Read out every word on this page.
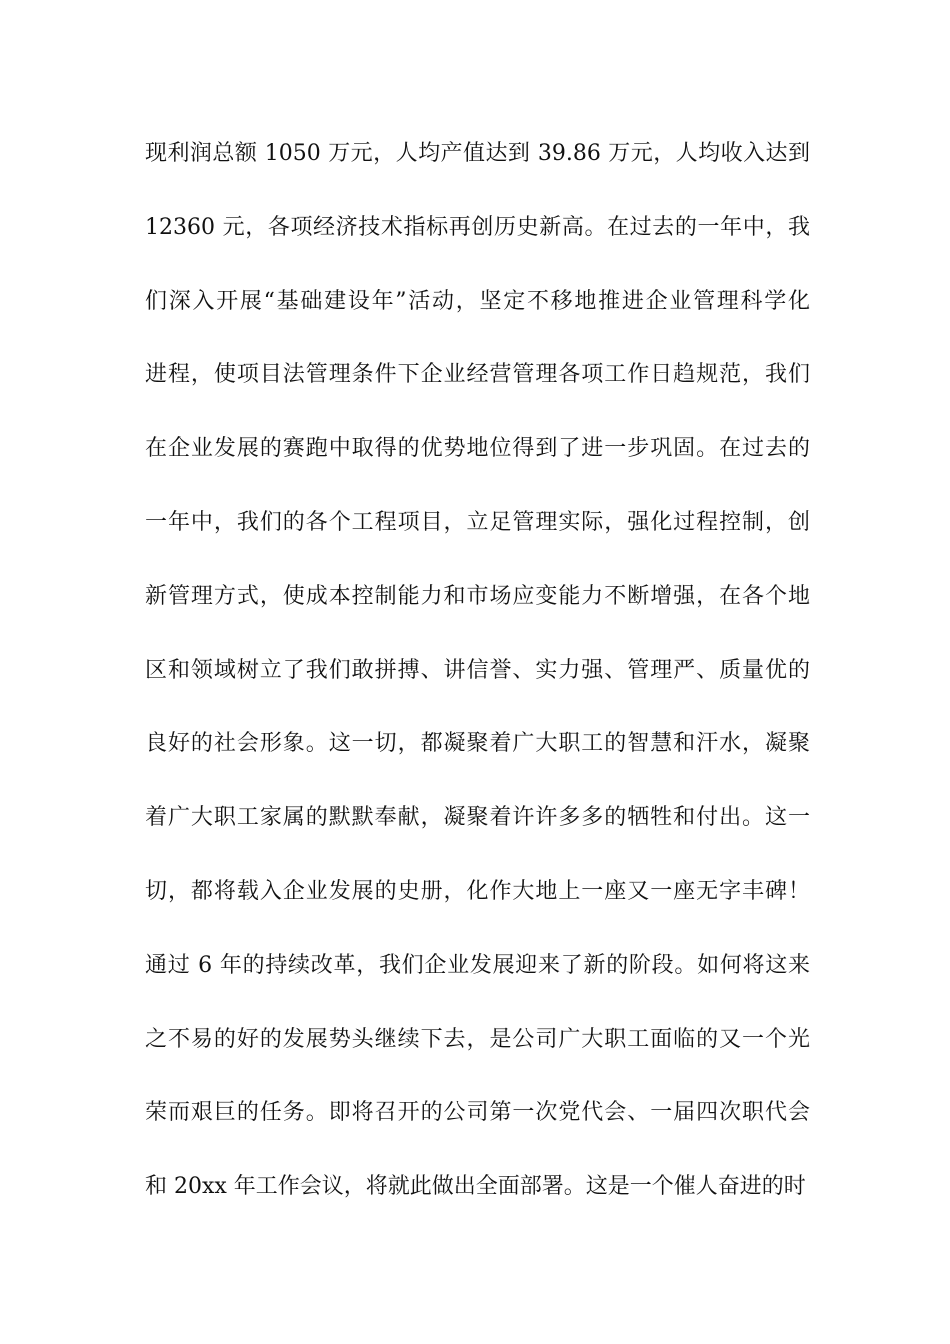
现利润总额 1050 万元，人均产值达到 39.86 万元，人均收入达到
12360 元，各项经济技术指标再创历史新高。在过去的一年中，我
们深入开展“基础建设年”活动，坚定不移地推进企业管理科学化
进程，使项目法管理条件下企业经营管理各项工作日趋规范，我们
在企业发展的赛跑中取得的优势地位得到了进一步巩固。在过去的
一年中，我们的各个工程项目，立足管理实际，强化过程控制，创
新管理方式，使成本控制能力和市场应变能力不断增强，在各个地
区和领域树立了我们敢拼搏、讲信誉、实力强、管理严、质量优的
良好的社会形象。这一切，都凝聚着广大职工的智慧和汗水，凝聚
着广大职工家属的默默奉献，凝聚着许许多多的牺牲和付出。这一
切，都将载入企业发展的史册，化作大地上一座又一座无字丰碑！
通过 6 年的持续改革，我们企业发展迎来了新的阶段。如何将这来
之不易的好的发展势头继续下去，是公司广大职工面临的又一个光
荣而艰巨的任务。即将召开的公司第一次党代会、一届四次职代会
和 20xx 年工作会议，将就此做出全面部署。这是一个催人奋进的时
